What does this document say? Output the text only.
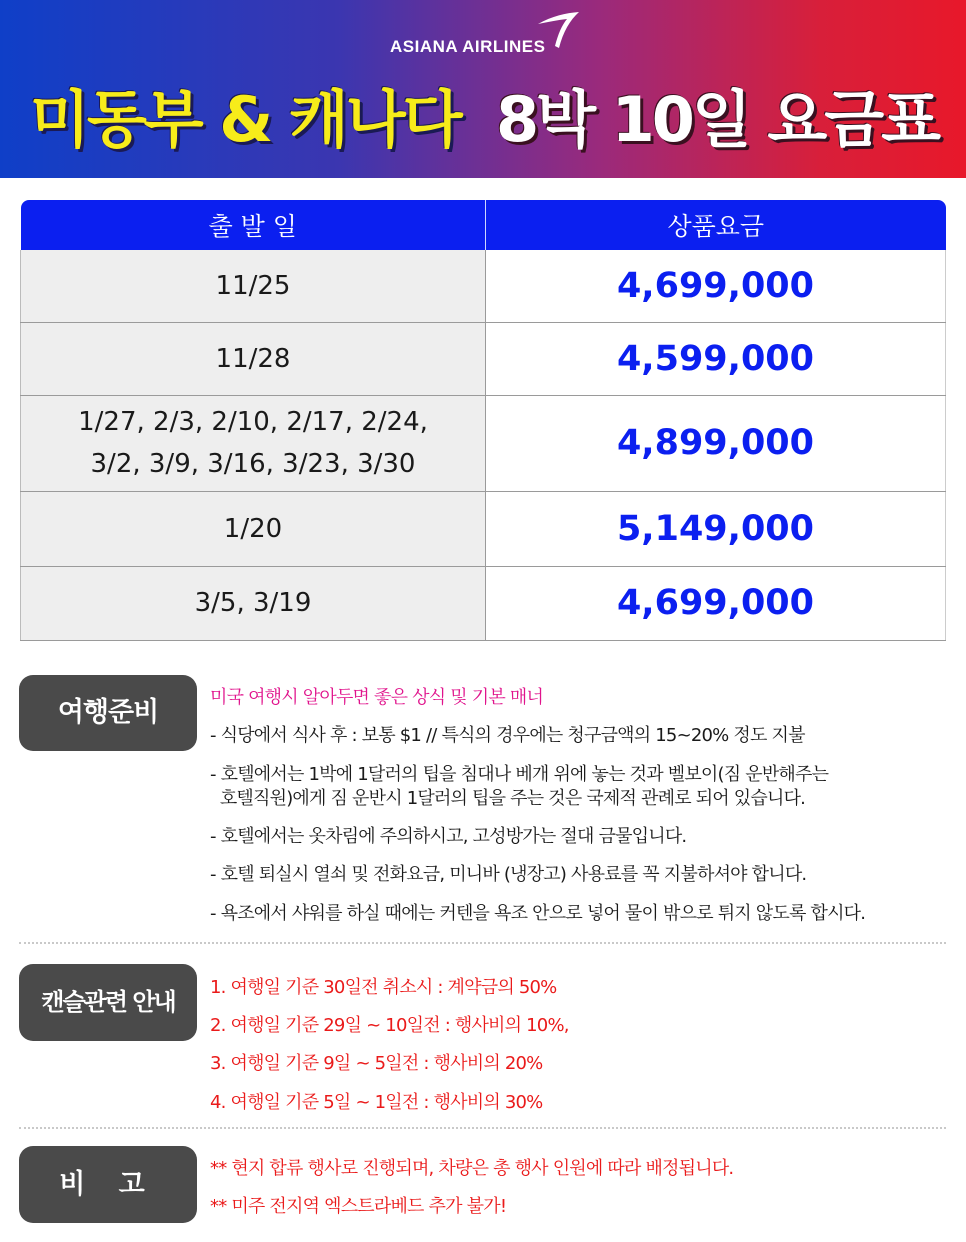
ASIANA AIRLINES
미동부 & 캐나다 8박 10일 요금표
출 발 일	상품요금
11/25	4,699,000
11/28	4,599,000

1/27, 2/3, 2/10, 2/17, 2/24,
3/2, 3/9, 3/16, 3/23, 3/30	4,899,000
1/20	5,149,000
3/5, 3/19	4,699,000
여행준비	미국 여행시 알아두면 좋은 상식 및 기본 매너
- 식당에서 식사 후 : 보통 $1 // 특식의 경우에는 청구금액의 15~20% 정도 지불
- 호텔에서는 1박에 1달러의 팁을 침대나 베개 위에 놓는 것과 벨보이(짐 운반해주는
호텔직원)에게 짐 운반시 1달러의 팁을 주는 것은 국제적 관례로 되어 있습니다.
- 호텔에서는 옷차림에 주의하시고, 고성방가는 절대 금물입니다.
- 호텔 퇴실시 열쇠 및 전화요금, 미니바 (냉장고) 사용료를 꼭 지불하셔야 합니다.
- 욕조에서 샤워를 하실 때에는 커텐을 욕조 안으로 넣어 물이 밖으로 튀지 않도록 합시다.
캔슬관련 안내
1. 여행일 기준 30일전 취소시 : 계약금의 50%
2. 여행일 기준 29일 ~ 10일전 : 행사비의 10%,
3. 여행일 기준 9일 ~ 5일전 : 행사비의 20%
4. 여행일 기준 5일 ~ 1일전 : 행사비의 30%
비 고
** 현지 합류 행사로 진행되며, 차량은 총 행사 인원에 따라 배정됩니다.
** 미주 전지역 엑스트라베드 추가 불가!
